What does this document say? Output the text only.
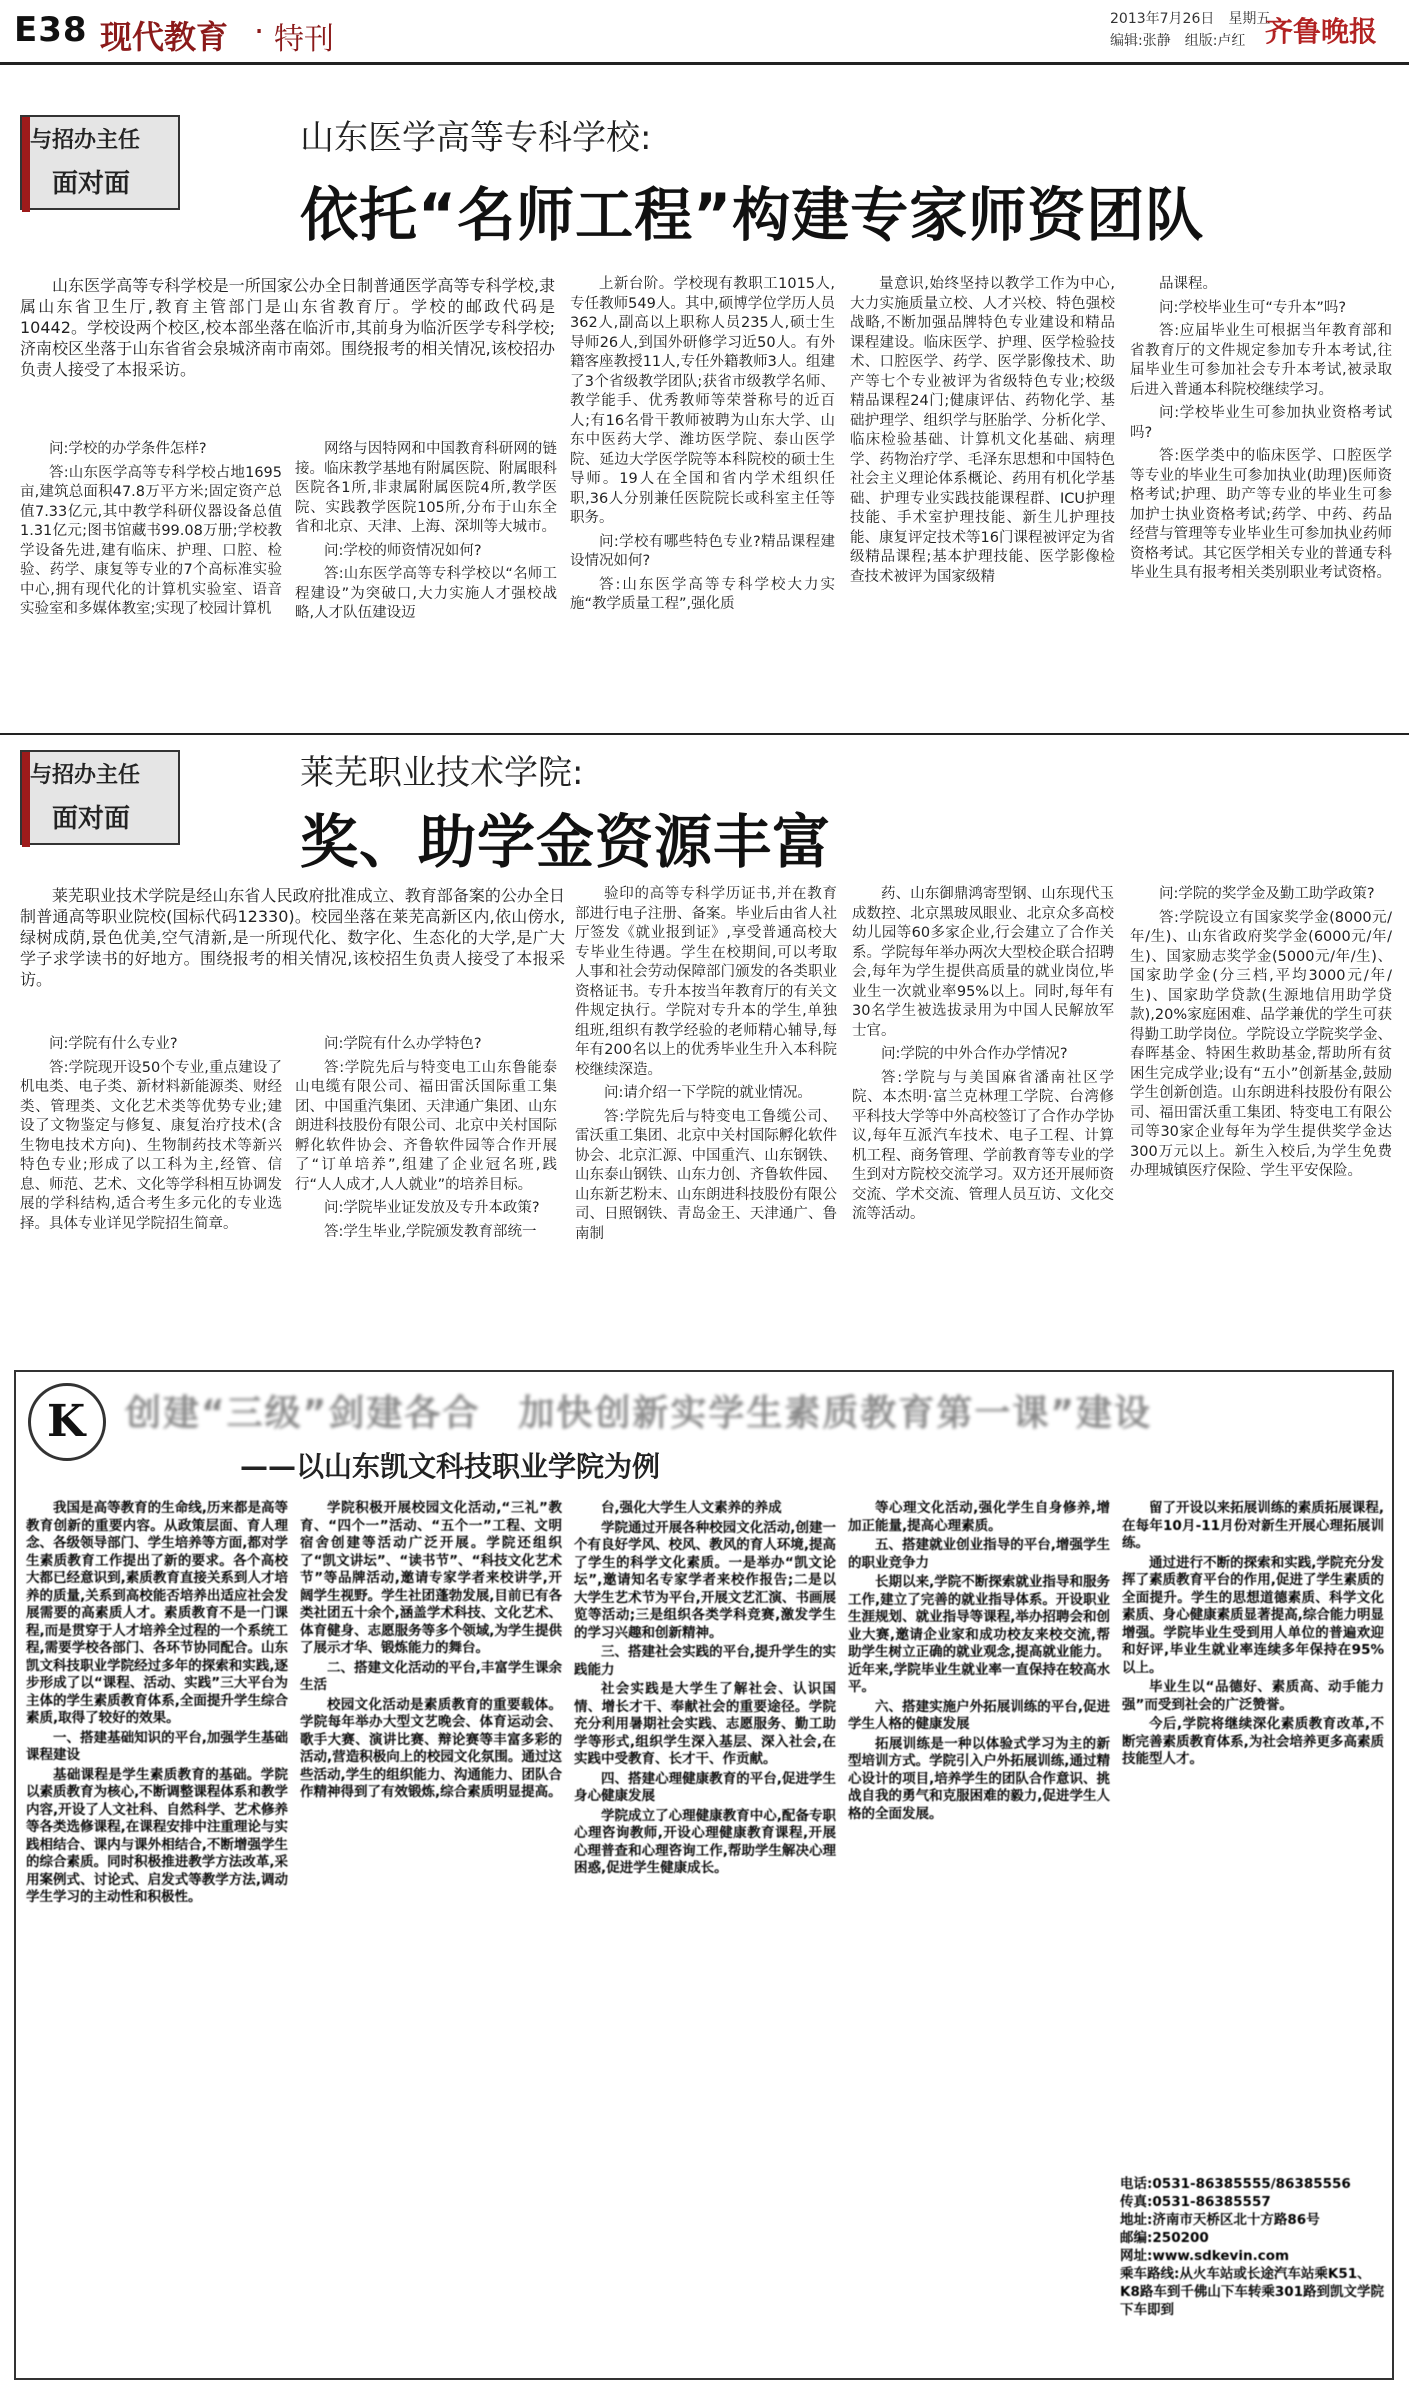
E38 现代教育 · 特刊
2013年7月26日　星期五
编辑:张静　组版:卢红 齐鲁晚报
与招办主任
面对面
山东医学高等专科学校:
依托“名师工程”构建专家师资团队

山东医学高等专科学校是一所国家公办全日制普通医学高等专科学校,隶属山东省卫生厅,教育主管部门是山东省教育厅。学校的邮政代码是10442。学校设两个校区,校本部坐落在临沂市,其前身为临沂医学专科学校;济南校区坐落于山东省省会泉城济南市南郊。围绕报考的相关情况,该校招办负责人接受了本报采访。

问:学校的办学条件怎样?

答:山东医学高等专科学校占地1695亩,建筑总面积47.8万平方米;固定资产总值7.33亿元,其中教学科研仪器设备总值1.31亿元;图书馆藏书99.08万册;学校教学设备先进,建有临床、护理、口腔、检验、药学、康复等专业的7个高标准实验中心,拥有现代化的计算机实验室、语音实验室和多媒体教室;实现了校园计算机

网络与因特网和中国教育科研网的链接。临床教学基地有附属医院、附属眼科医院各1所,非隶属附属医院4所,教学医院、实践教学医院105所,分布于山东全省和北京、天津、上海、深圳等大城市。

问:学校的师资情况如何?

答:山东医学高等专科学校以“名师工程建设”为突破口,大力实施人才强校战略,人才队伍建设迈

上新台阶。学校现有教职工1015人,专任教师549人。其中,硕博学位学历人员362人,副高以上职称人员235人,硕士生导师26人,到国外研修学习近50人。有外籍客座教授11人,专任外籍教师3人。组建了3个省级教学团队;获省市级教学名师、教学能手、优秀教师等荣誉称号的近百人;有16名骨干教师被聘为山东大学、山东中医药大学、潍坊医学院、泰山医学院、延边大学医学院等本科院校的硕士生导师。19人在全国和省内学术组织任职,36人分别兼任医院院长或科室主任等职务。

问:学校有哪些特色专业?精品课程建设情况如何?

答:山东医学高等专科学校大力实施“教学质量工程”,强化质

量意识,始终坚持以教学工作为中心,大力实施质量立校、人才兴校、特色强校战略,不断加强品牌特色专业建设和精品课程建设。临床医学、护理、医学检验技术、口腔医学、药学、医学影像技术、助产等七个专业被评为省级特色专业;校级精品课程24门;健康评估、药物化学、基础护理学、组织学与胚胎学、分析化学、临床检验基础、计算机文化基础、病理学、药物治疗学、毛泽东思想和中国特色社会主义理论体系概论、药用有机化学基础、护理专业实践技能课程群、ICU护理技能、手术室护理技能、新生儿护理技能、康复评定技术等16门课程被评定为省级精品课程;基本护理技能、医学影像检查技术被评为国家级精

品课程。

问:学校毕业生可“专升本”吗?

答:应届毕业生可根据当年教育部和省教育厅的文件规定参加专升本考试,往届毕业生可参加社会专升本考试,被录取后进入普通本科院校继续学习。

问:学校毕业生可参加执业资格考试吗?

答:医学类中的临床医学、口腔医学等专业的毕业生可参加执业(助理)医师资格考试;护理、助产等专业的毕业生可参加护士执业资格考试;药学、中药、药品经营与管理等专业毕业生可参加执业药师资格考试。其它医学相关专业的普通专科毕业生具有报考相关类别职业考试资格。

与招办主任
面对面
莱芜职业技术学院:
奖、助学金资源丰富

莱芜职业技术学院是经山东省人民政府批准成立、教育部备案的公办全日制普通高等职业院校(国标代码12330)。校园坐落在莱芜高新区内,依山傍水,绿树成荫,景色优美,空气清新,是一所现代化、数字化、生态化的大学,是广大学子求学读书的好地方。围绕报考的相关情况,该校招生负责人接受了本报采访。

问:学院有什么专业?

答:学院现开设50个专业,重点建设了机电类、电子类、新材料新能源类、财经类、管理类、文化艺术类等优势专业;建设了文物鉴定与修复、康复治疗技术(含生物电技术方向)、生物制药技术等新兴特色专业;形成了以工科为主,经管、信息、师范、艺术、文化等学科相互协调发展的学科结构,适合考生多元化的专业选择。具体专业详见学院招生简章。

问:学院有什么办学特色?

答:学院先后与特变电工山东鲁能泰山电缆有限公司、福田雷沃国际重工集团、中国重汽集团、天津通广集团、山东朗进科技股份有限公司、北京中关村国际孵化软件协会、齐鲁软件园等合作开展了“订单培养”,组建了企业冠名班,践行“人人成才,人人就业”的培养目标。

问:学院毕业证发放及专升本政策?

答:学生毕业,学院颁发教育部统一

验印的高等专科学历证书,并在教育部进行电子注册、备案。毕业后由省人社厅签发《就业报到证》,享受普通高校大专毕业生待遇。学生在校期间,可以考取人事和社会劳动保障部门颁发的各类职业资格证书。专升本按当年教育厅的有关文件规定执行。学院对专升本的学生,单独组班,组织有教学经验的老师精心辅导,每年有200名以上的优秀毕业生升入本科院校继续深造。

问:请介绍一下学院的就业情况。

答:学院先后与特变电工鲁缆公司、雷沃重工集团、北京中关村国际孵化软件协会、北京汇源、中国重汽、山东钢铁、山东泰山钢铁、山东力创、齐鲁软件园、山东新艺粉末、山东朗进科技股份有限公司、日照钢铁、青岛金王、天津通广、鲁南制

药、山东御鼎鸿寄型钢、山东现代玉成数控、北京黑玻凤眼业、北京众多高校幼儿园等60多家企业,行会建立了合作关系。学院每年举办两次大型校企联合招聘会,每年为学生提供高质量的就业岗位,毕业生一次就业率95%以上。同时,每年有30名学生被选拔录用为中国人民解放军士官。

问:学院的中外合作办学情况?

答:学院与与美国麻省潘南社区学院、本杰明·富兰克林理工学院、台湾修平科技大学等中外高校签订了合作办学协议,每年互派汽车技术、电子工程、计算机工程、商务管理、学前教育等专业的学生到对方院校交流学习。双方还开展师资交流、学术交流、管理人员互访、文化交流等活动。

问:学院的奖学金及勤工助学政策?

答:学院设立有国家奖学金(8000元/年/生)、山东省政府奖学金(6000元/年/生)、国家励志奖学金(5000元/年/生)、国家助学金(分三档,平均3000元/年/生)、国家助学贷款(生源地信用助学贷款),20%家庭困难、品学兼优的学生可获得勤工助学岗位。学院设立学院奖学金、春晖基金、特困生救助基金,帮助所有贫困生完成学业;设有“五小”创新基金,鼓励学生创新创造。山东朗进科技股份有限公司、福田雷沃重工集团、特变电工有限公司等30家企业每年为学生提供奖学金达300万元以上。新生入校后,为学生免费办理城镇医疗保险、学生平安保险。

K 创建“三级”剑建各合　加快创新实学生素质教育第一课”建设
——以山东凯文科技职业学院为例

我国是高等教育的生命线,历来都是高等教育创新的重要内容。从政策层面、育人理念、各级领导部门、学生培养等方面,都对学生素质教育工作提出了新的要求。各个高校大都已经意识到,素质教育直接关系到人才培养的质量,关系到高校能否培养出适应社会发展需要的高素质人才。素质教育不是一门课程,而是贯穿于人才培养全过程的一个系统工程,需要学校各部门、各环节协同配合。山东凯文科技职业学院经过多年的探索和实践,逐步形成了以“课程、活动、实践”三大平台为主体的学生素质教育体系,全面提升学生综合素质,取得了较好的效果。

一、搭建基础知识的平台,加强学生基础课程建设

基础课程是学生素质教育的基础。学院以素质教育为核心,不断调整课程体系和教学内容,开设了人文社科、自然科学、艺术修养等各类选修课程,在课程安排中注重理论与实践相结合、课内与课外相结合,不断增强学生的综合素质。同时积极推进教学方法改革,采用案例式、讨论式、启发式等教学方法,调动学生学习的主动性和积极性。

学院积极开展校园文化活动,“三礼”教育、“四个一”活动、“五个一”工程、文明宿舍创建等活动广泛开展。学院还组织了“凯文讲坛”、“读书节”、“科技文化艺术节”等品牌活动,邀请专家学者来校讲学,开阔学生视野。学生社团蓬勃发展,目前已有各类社团五十余个,涵盖学术科技、文化艺术、体育健身、志愿服务等多个领域,为学生提供了展示才华、锻炼能力的舞台。

二、搭建文化活动的平台,丰富学生课余生活

校园文化活动是素质教育的重要载体。学院每年举办大型文艺晚会、体育运动会、歌手大赛、演讲比赛、辩论赛等丰富多彩的活动,营造积极向上的校园文化氛围。通过这些活动,学生的组织能力、沟通能力、团队合作精神得到了有效锻炼,综合素质明显提高。

台,强化大学生人文素养的养成

学院通过开展各种校园文化活动,创建一个有良好学风、校风、教风的育人环境,提高了学生的科学文化素质。一是举办“凯文论坛”,邀请知名专家学者来校作报告;二是以大学生艺术节为平台,开展文艺汇演、书画展览等活动;三是组织各类学科竞赛,激发学生的学习兴趣和创新精神。

三、搭建社会实践的平台,提升学生的实践能力

社会实践是大学生了解社会、认识国情、增长才干、奉献社会的重要途径。学院充分利用暑期社会实践、志愿服务、勤工助学等形式,组织学生深入基层、深入社会,在实践中受教育、长才干、作贡献。

四、搭建心理健康教育的平台,促进学生身心健康发展

学院成立了心理健康教育中心,配备专职心理咨询教师,开设心理健康教育课程,开展心理普查和心理咨询工作,帮助学生解决心理困惑,促进学生健康成长。

等心理文化活动,强化学生自身修养,增加正能量,提高心理素质。

五、搭建就业创业指导的平台,增强学生的职业竞争力

长期以来,学院不断探索就业指导和服务工作,建立了完善的就业指导体系。开设职业生涯规划、就业指导等课程,举办招聘会和创业大赛,邀请企业家和成功校友来校交流,帮助学生树立正确的就业观念,提高就业能力。近年来,学院毕业生就业率一直保持在较高水平。

六、搭建实施户外拓展训练的平台,促进学生人格的健康发展

拓展训练是一种以体验式学习为主的新型培训方式。学院引入户外拓展训练,通过精心设计的项目,培养学生的团队合作意识、挑战自我的勇气和克服困难的毅力,促进学生人格的全面发展。

留了开设以来拓展训练的素质拓展课程,在每年10月-11月份对新生开展心理拓展训练。

通过进行不断的探索和实践,学院充分发挥了素质教育平台的作用,促进了学生素质的全面提升。学生的思想道德素质、科学文化素质、身心健康素质显著提高,综合能力明显增强。学院毕业生受到用人单位的普遍欢迎和好评,毕业生就业率连续多年保持在95%以上。

毕业生以“品德好、素质高、动手能力强”而受到社会的广泛赞誉。

今后,学院将继续深化素质教育改革,不断完善素质教育体系,为社会培养更多高素质技能型人才。

电话:0531-86385555/86385556
传真:0531-86385557
地址:济南市天桥区北十方路86号
邮编:250200
网址:www.sdkevin.com
乘车路线:从火车站或长途汽车站乘K51、K8路车到千佛山下车转乘301路到凯文学院下车即到
